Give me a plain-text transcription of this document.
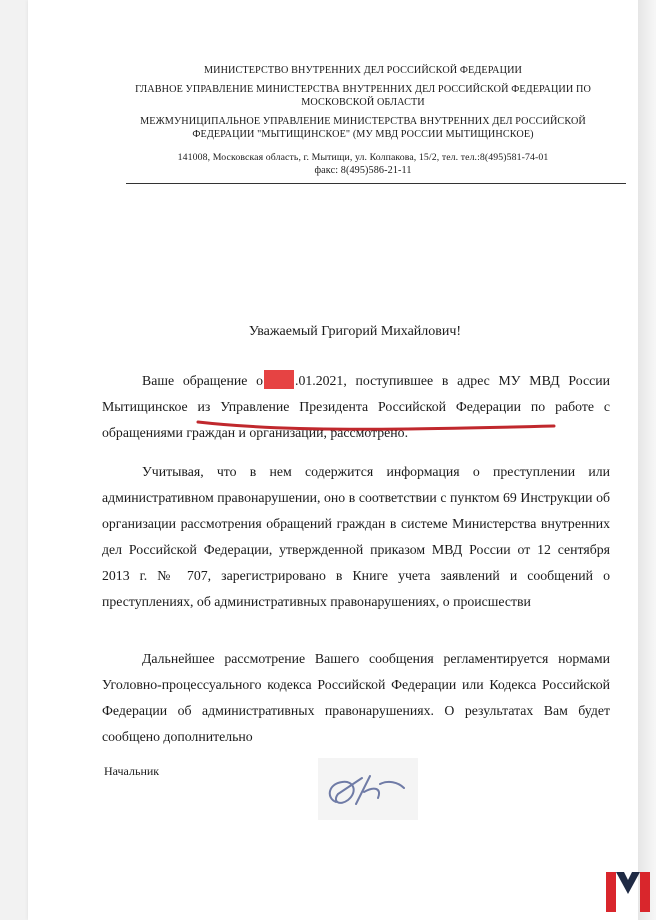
МИНИСТЕРСТВО ВНУТРЕННИХ ДЕЛ РОССИЙСКОЙ ФЕДЕРАЦИИ
ГЛАВНОЕ УПРАВЛЕНИЕ МИНИСТЕРСТВА ВНУТРЕННИХ ДЕЛ РОССИЙСКОЙ ФЕДЕРАЦИИ ПО
МОСКОВСКОЙ ОБЛАСТИ
МЕЖМУНИЦИПАЛЬНОЕ УПРАВЛЕНИЕ МИНИСТЕРСТВА ВНУТРЕННИХ ДЕЛ РОССИЙСКОЙ
ФЕДЕРАЦИИ "МЫТИЩИНСКОЕ" (МУ МВД РОССИИ МЫТИЩИНСКОЕ)
141008, Московская область, г. Мытищи, ул. Колпакова, 15/2, тел. тел.:8(495)581-74-01
факс: 8(495)586-21-11
Уважаемый Григорий Михайлович!

Ваше обращение о .01.2021, поступившее в адрес МУ МВД России Мытищинское из Управление Президента Российской Федерации по работе с обращениями граждан и организаций, рассмотрено.

Учитывая, что в нем содержится информация о преступлении или административном правонарушении, оно в соответствии с пунктом 69 Инструкции об организации рассмотрения обращений граждан в системе Министерства внутренних дел Российской Федерации, утвержденной приказом МВД России от 12 сентября 2013 г. № 707, зарегистрировано в Книге учета заявлений и сообщений о преступлениях, об административных правонарушениях, о происшестви

Дальнейшее рассмотрение Вашего сообщения регламентируется нормами Уголовно-процессуального кодекса Российской Федерации или Кодекса Российской Федерации об административных правонарушениях. О результатах Вам будет сообщено дополнительно

Начальник
